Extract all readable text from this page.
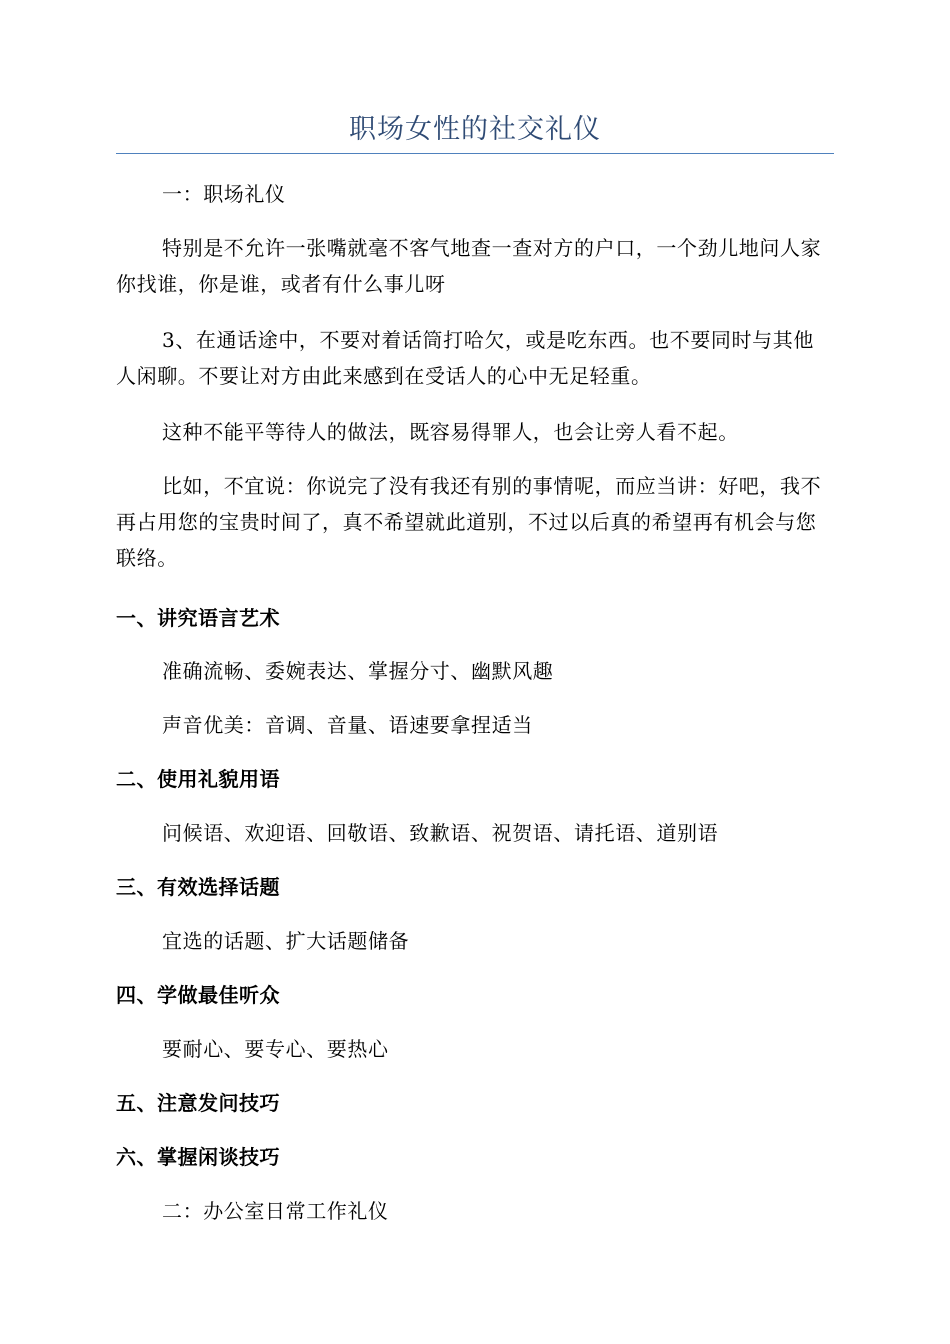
职场女性的社交礼仪

一：职场礼仪

特别是不允许一张嘴就毫不客气地查一查对方的户口，一个劲儿地问人家你找谁，你是谁，或者有什么事儿呀

3、在通话途中，不要对着话筒打哈欠，或是吃东西。也不要同时与其他人闲聊。不要让对方由此来感到在受话人的心中无足轻重。

这种不能平等待人的做法，既容易得罪人，也会让旁人看不起。

比如，不宜说：你说完了没有我还有别的事情呢，而应当讲：好吧，我不再占用您的宝贵时间了，真不希望就此道别，不过以后真的希望再有机会与您联络。

一、讲究语言艺术

准确流畅、委婉表达、掌握分寸、幽默风趣

声音优美：音调、音量、语速要拿捏适当

二、使用礼貌用语

问候语、欢迎语、回敬语、致歉语、祝贺语、请托语、道别语

三、有效选择话题

宜选的话题、扩大话题储备

四、学做最佳听众

要耐心、要专心、要热心

五、注意发问技巧

六、掌握闲谈技巧

二：办公室日常工作礼仪
